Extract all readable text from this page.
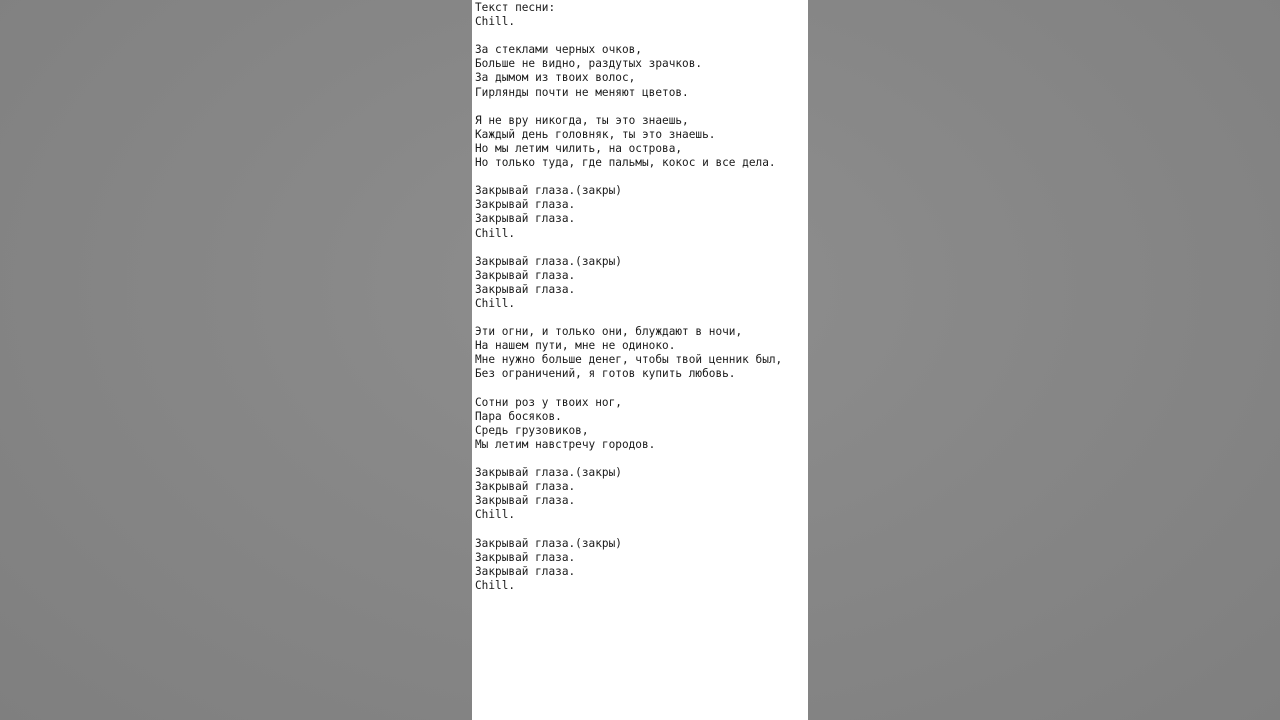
Текст песни:
Chill.
За стеклами черных очков,
Больше не видно, раздутых зрачков.
За дымом из твоих волос,
Гирлянды почти не меняют цветов.
Я не вру никогда, ты это знаешь,
Каждый день головняк, ты это знаешь.
Но мы летим чилить, на острова,
Но только туда, где пальмы, кокос и все дела.
Закрывай глаза.(закры)
Закрывай глаза.
Закрывай глаза.
Chill.
Закрывай глаза.(закры)
Закрывай глаза.
Закрывай глаза.
Chill.
Эти огни, и только они, блуждают в ночи,
На нашем пути, мне не одиноко.
Мне нужно больше денег, чтобы твой ценник был,
Без ограничений, я готов купить любовь.
Сотни роз у твоих ног,
Пара босяков.
Средь грузовиков,
Мы летим навстречу городов.
Закрывай глаза.(закры)
Закрывай глаза.
Закрывай глаза.
Chill.
Закрывай глаза.(закры)
Закрывай глаза.
Закрывай глаза.
Chill.
